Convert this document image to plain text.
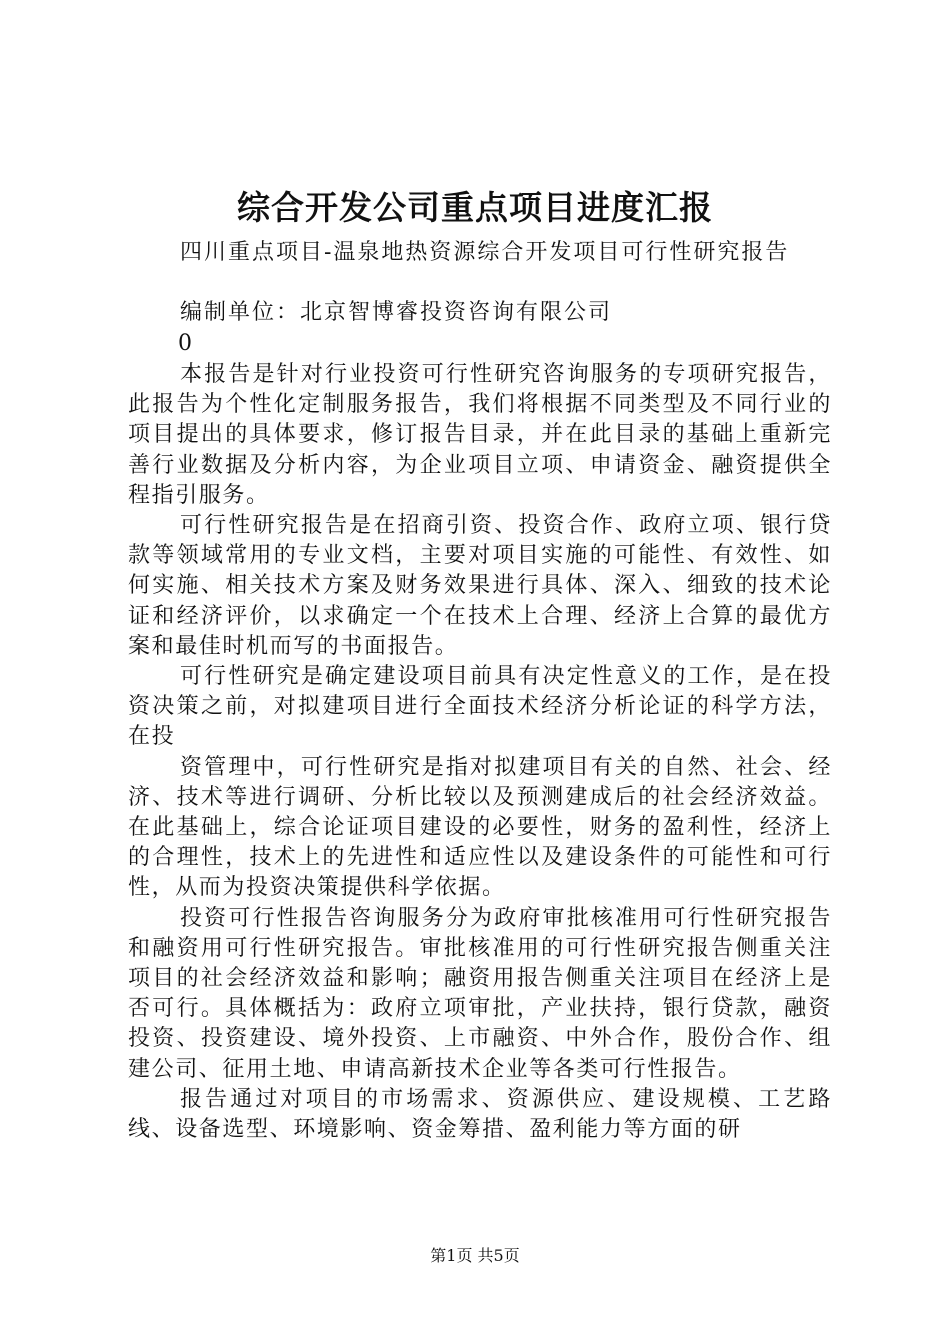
综合开发公司重点项目进度汇报
四川重点项目-温泉地热资源综合开发项目可行性研究报告
编制单位：北京智博睿投资咨询有限公司
0

本报告是针对行业投资可行性研究咨询服务的专项研究报告，此报告为个性化定制服务报告，我们将根据不同类型及不同行业的项目提出的具体要求，修订报告目录，并在此目录的基础上重新完善行业数据及分析内容，为企业项目立项、申请资金、融资提供全程指引服务。

可行性研究报告是在招商引资、投资合作、政府立项、银行贷款等领域常用的专业文档，主要对项目实施的可能性、有效性、如何实施、相关技术方案及财务效果进行具体、深入、细致的技术论证和经济评价，以求确定一个在技术上合理、经济上合算的最优方案和最佳时机而写的书面报告。

可行性研究是确定建设项目前具有决定性意义的工作，是在投资决策之前，对拟建项目进行全面技术经济分析论证的科学方法，在投

资管理中，可行性研究是指对拟建项目有关的自然、社会、经济、技术等进行调研、分析比较以及预测建成后的社会经济效益。在此基础上，综合论证项目建设的必要性，财务的盈利性，经济上的合理性，技术上的先进性和适应性以及建设条件的可能性和可行性，从而为投资决策提供科学依据。

投资可行性报告咨询服务分为政府审批核准用可行性研究报告和融资用可行性研究报告。审批核准用的可行性研究报告侧重关注项目的社会经济效益和影响；融资用报告侧重关注项目在经济上是否可行。具体概括为：政府立项审批，产业扶持，银行贷款，融资投资、投资建设、境外投资、上市融资、中外合作，股份合作、组建公司、征用土地、申请高新技术企业等各类可行性报告。

报告通过对项目的市场需求、资源供应、建设规模、工艺路线、设备选型、环境影响、资金筹措、盈利能力等方面的研

第1页 共5页
